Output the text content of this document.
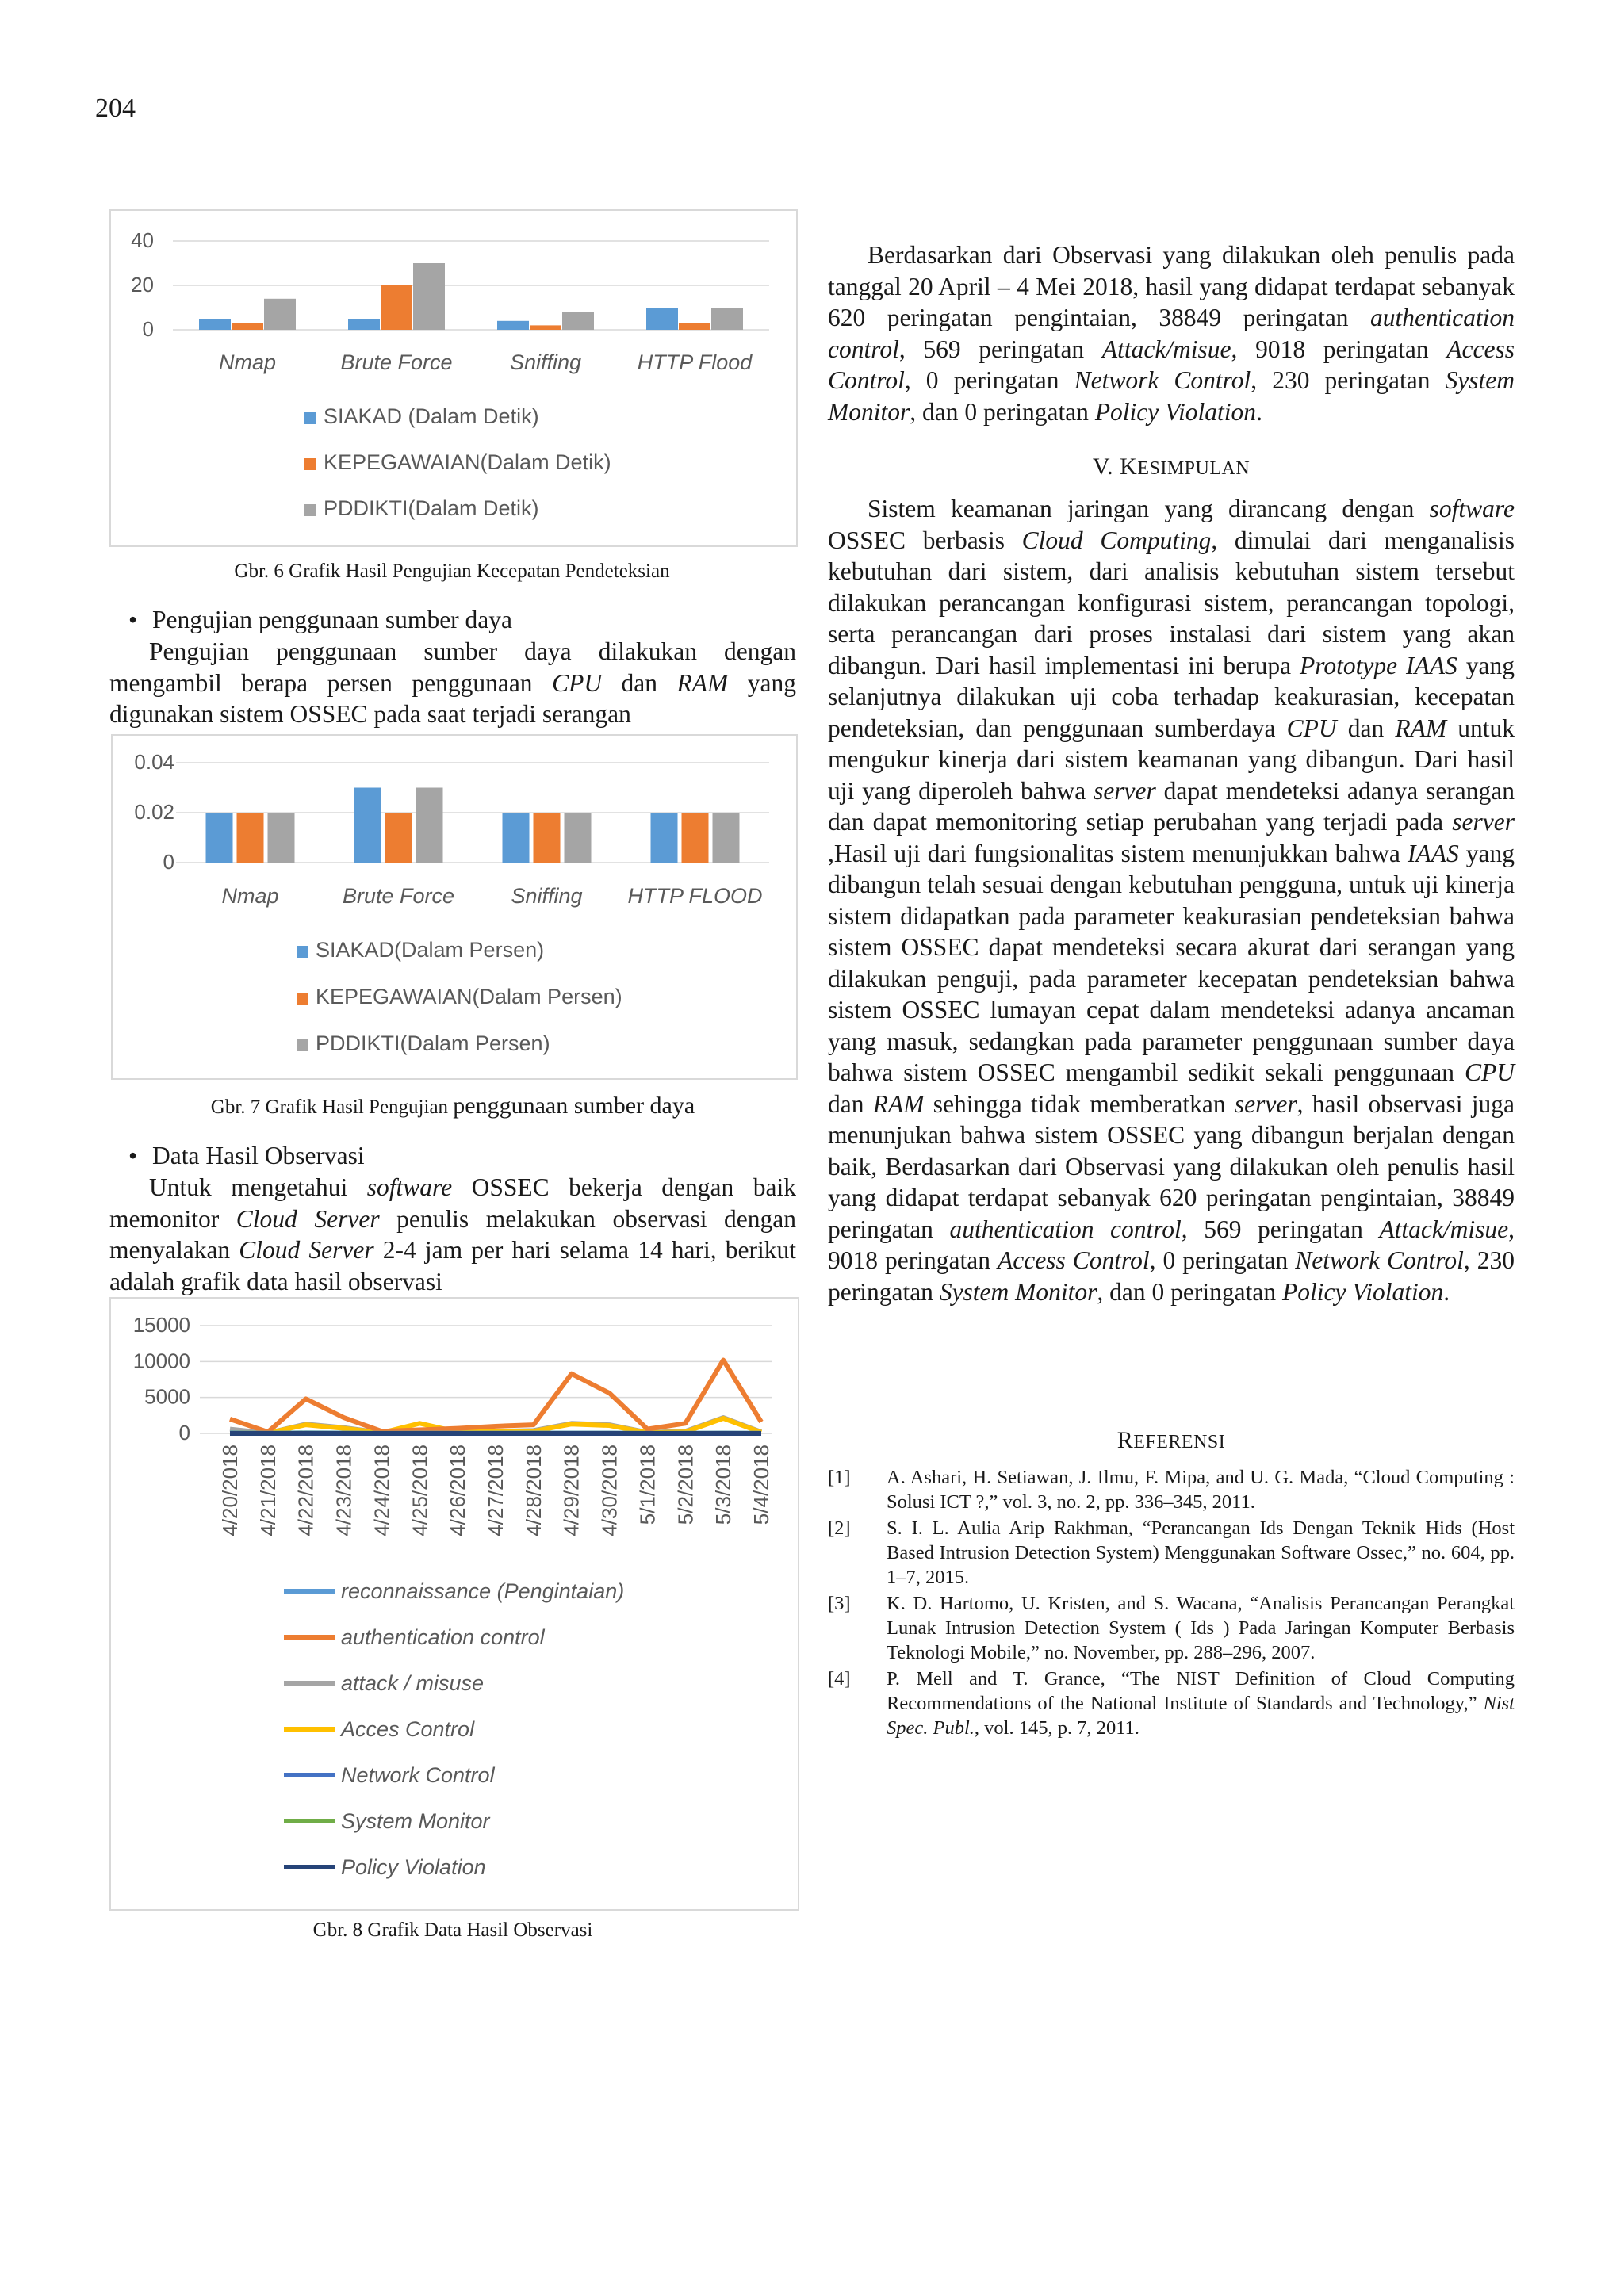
204
0
20
40
Nmap	Brute Force	Sniffing	HTTP Flood
SIAKAD (Dalam Detik)
KEPEGAWAIAN(Dalam Detik)
PDDIKTI(Dalam Detik)
Gbr. 6 Grafik Hasil Pengujian Kecepatan Pendeteksian
• Pengujian penggunaan sumber daya

Pengujian penggunaan sumber daya dilakukan dengan mengambil berapa persen penggunaan CPU dan RAM yang digunakan sistem OSSEC pada saat terjadi serangan

0
0.02
0.04
Nmap	Brute Force	Sniffing HTTP FLOOD
SIAKAD(Dalam Persen)
KEPEGAWAIAN(Dalam Persen)
PDDIKTI(Dalam Persen)
Gbr. 7 Grafik Hasil Pengujian penggunaan sumber daya
• Data Hasil Observasi

Untuk mengetahui software OSSEC bekerja dengan baik memonitor Cloud Server penulis melakukan observasi dengan menyalakan Cloud Server 2-4 jam per hari selama 14 hari, berikut adalah grafik data hasil observasi

0
5000
10000
15000
4/20/2018 4/21/2018 4/22/2018 4/23/2018 4/24/2018 4/25/2018 4/26/2018 4/27/2018 4/28/2018 4/29/2018 4/30/2018 5/1/2018 5/2/2018 5/3/2018 5/4/2018
reconnaissance (Pengintaian)
authentication control
attack / misuse
Acces Control
Network Control
System Monitor
Policy Violation
Gbr. 8 Grafik Data Hasil Observasi

Berdasarkan dari Observasi yang dilakukan oleh penulis pada tanggal 20 April – 4 Mei 2018, hasil yang didapat terdapat sebanyak 620 peringatan pengintaian, 38849 peringatan authentication control, 569 peringatan Attack/misue, 9018 peringatan Access Control, 0 peringatan Network Control, 230 peringatan System Monitor, dan 0 peringatan Policy Violation.

V. KESIMPULAN

Sistem keamanan jaringan yang dirancang dengan software OSSEC berbasis Cloud Computing, dimulai dari menganalisis kebutuhan dari sistem, dari analisis kebutuhan sistem tersebut dilakukan perancangan konfigurasi sistem, perancangan topologi, serta perancangan dari proses instalasi dari sistem yang akan dibangun. Dari hasil implementasi ini berupa Prototype IAAS yang selanjutnya dilakukan uji coba terhadap keakurasian, kecepatan pendeteksian, dan penggunaan sumberdaya CPU dan RAM untuk mengukur kinerja dari sistem keamanan yang dibangun. Dari hasil uji yang diperoleh bahwa server dapat mendeteksi adanya serangan dan dapat memonitoring setiap perubahan yang terjadi pada server ,Hasil uji dari fungsionalitas sistem menunjukkan bahwa IAAS yang dibangun telah sesuai dengan kebutuhan pengguna, untuk uji kinerja sistem didapatkan pada parameter keakurasian pendeteksian bahwa sistem OSSEC dapat mendeteksi secara akurat dari serangan yang dilakukan penguji, pada parameter kecepatan pendeteksian bahwa sistem OSSEC lumayan cepat dalam mendeteksi adanya ancaman yang masuk, sedangkan pada parameter penggunaan sumber daya bahwa sistem OSSEC mengambil sedikit sekali penggunaan CPU dan RAM sehingga tidak memberatkan server, hasil observasi juga menunjukan bahwa sistem OSSEC yang dibangun berjalan dengan baik, Berdasarkan dari Observasi yang dilakukan oleh penulis hasil yang didapat terdapat sebanyak 620 peringatan pengintaian, 38849 peringatan authentication control, 569 peringatan Attack/misue, 9018 peringatan Access Control, 0 peringatan Network Control, 230 peringatan System Monitor, dan 0 peringatan Policy Violation.

REFERENSI
[1]	A. Ashari, H. Setiawan, J. Ilmu, F. Mipa, and U. G. Mada, “Cloud Computing : Solusi ICT ?,” vol. 3, no. 2, pp. 336–345, 2011.
[2]	S. I. L. Aulia Arip Rakhman, “Perancangan Ids Dengan Teknik Hids (Host Based Intrusion Detection System) Menggunakan Software Ossec,” no. 604, pp. 1–7, 2015.
[3]	K. D. Hartomo, U. Kristen, and S. Wacana, “Analisis Perancangan Perangkat Lunak Intrusion Detection System ( Ids ) Pada Jaringan Komputer Berbasis Teknologi Mobile,” no. November, pp. 288–296, 2007.
[4]	P. Mell and T. Grance, “The NIST Definition of Cloud Computing Recommendations of the National Institute of Standards and Technology,” Nist Spec. Publ., vol. 145, p. 7, 2011.
